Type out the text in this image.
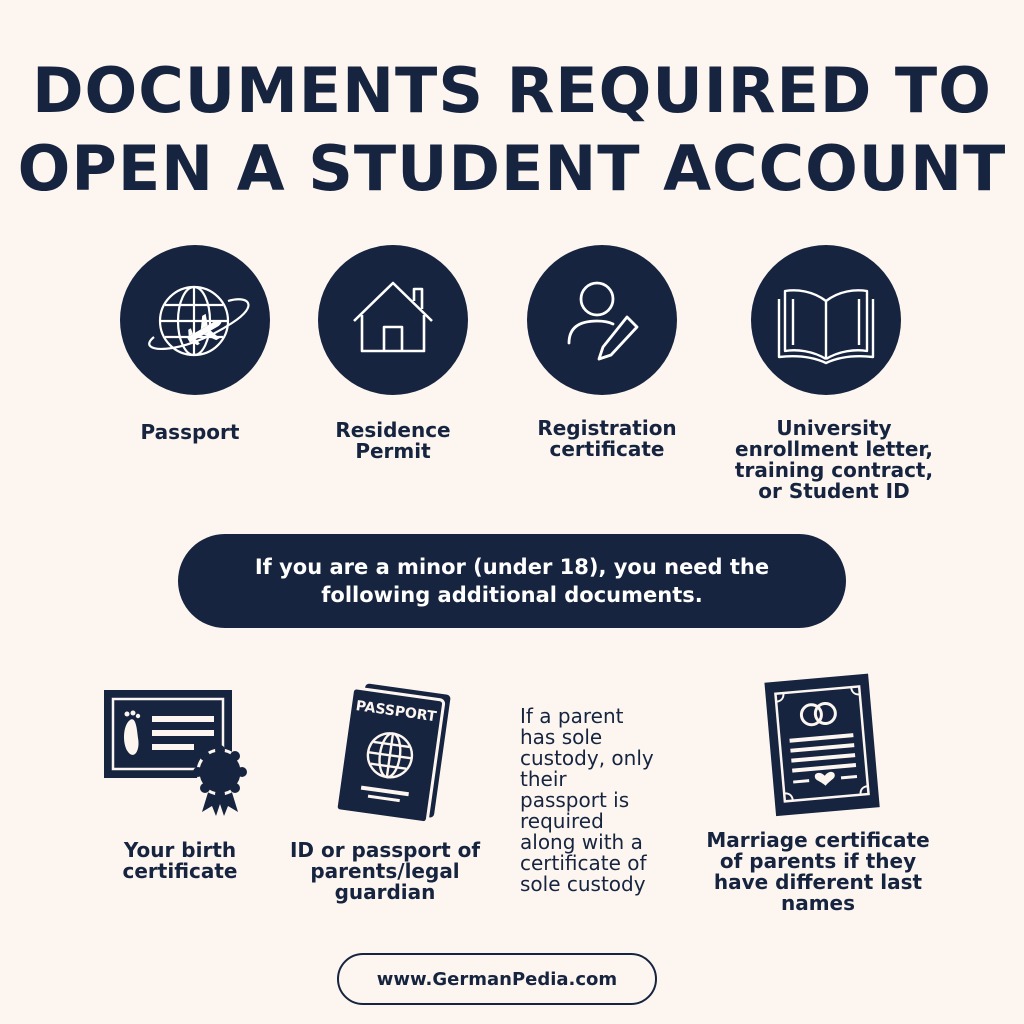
DOCUMENTS REQUIRED TO
OPEN A STUDENT ACCOUNT
Passport	Residence
Permit
Registration
certificate
University
enrollment letter,
training contract,
or Student ID
If you are a minor (under 18), you need the following additional documents.
PASSPORT
Your birth
certificate
ID or passport of
parents/legal
guardian
If a parent
has sole
custody, only
their
passport is
required
along with a
certificate of
sole custody
Marriage certificate
of parents if they
have different last
names
www.GermanPedia.com
